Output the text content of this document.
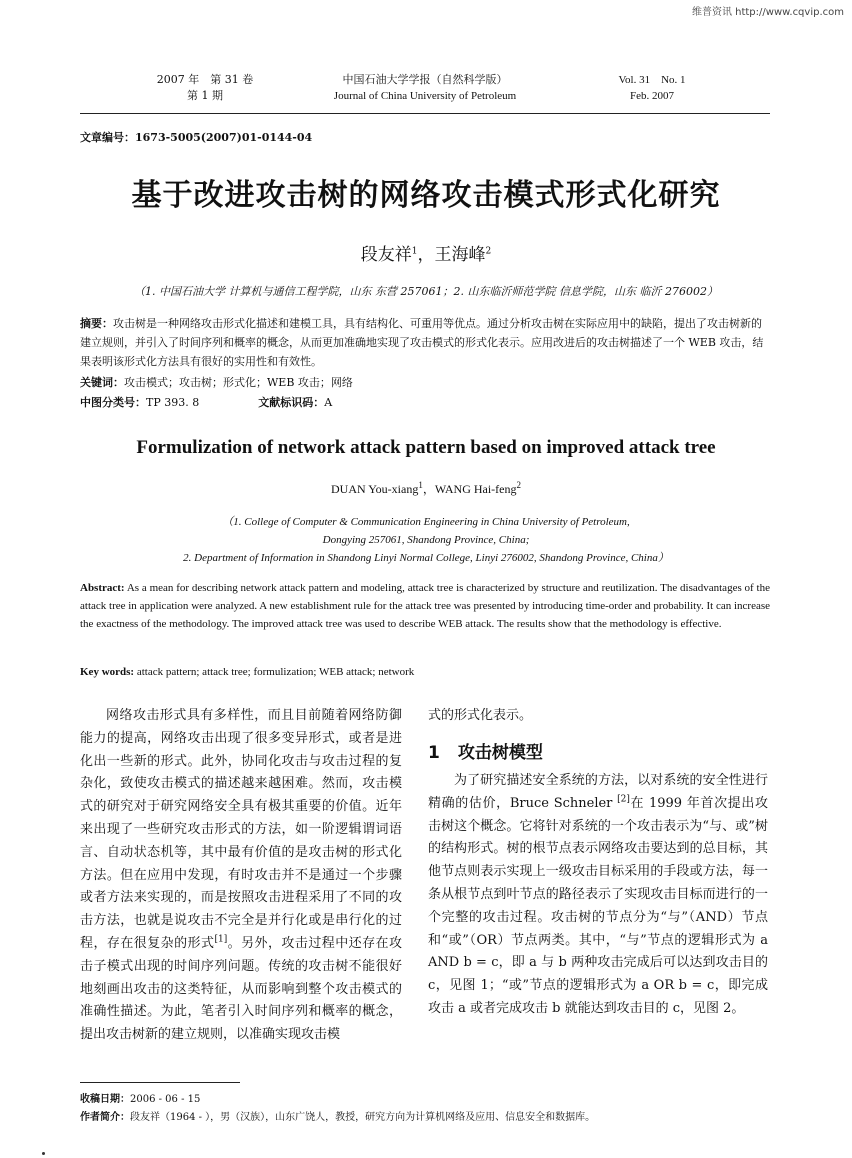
维普资讯 http://www.cqvip.com
2007 年　第 31 卷
第 1 期
中国石油大学学报（自然科学版）
Journal of China University of Petroleum
Vol. 31　No. 1
Feb. 2007
文章编号：1673-5005(2007)01-0144-04
基于改进攻击树的网络攻击模式形式化研究
段友祥$^1$，王海峰$^2$
（1. 中国石油大学 计算机与通信工程学院，山东 东营 257061；2. 山东临沂师范学院 信息学院，山东 临沂 276002）
摘要：攻击树是一种网络攻击形式化描述和建模工具，具有结构化、可重用等优点。通过分析攻击树在实际应用中的缺陷，提出了攻击树新的建立规则，并引入了时间序列和概率的概念，从而更加准确地实现了攻击模式的形式化表示。应用改进后的攻击树描述了一个 WEB 攻击，结果表明该形式化方法具有很好的实用性和有效性。
关键词：攻击模式；攻击树；形式化；WEB 攻击；网络
中图分类号：TP 393. 8	文献标识码：A
Formulization of network attack pattern based on improved attack tree
DUAN You-xiang$^1$，WANG Hai-feng$^2$
（1. College of Computer & Communication Engineering in China University of Petroleum,
Dongying 257061, Shandong Province, China;
2. Department of Information in Shandong Linyi Normal College, Linyi 276002, Shandong Province, China）
Abstract: As a mean for describing network attack pattern and modeling, attack tree is characterized by structure and reutilization. The disadvantages of the attack tree in application were analyzed. A new establishment rule for the attack tree was presented by introducing time-order and probability. It can increase the exactness of the methodology. The improved attack tree was used to describe WEB attack. The results show that the methodology is effective.
Key words: attack pattern; attack tree; formulization; WEB attack; network
网络攻击形式具有多样性，而且目前随着网络防御能力的提高，网络攻击出现了很多变异形式，或者是进化出一些新的形式。此外，协同化攻击与攻击过程的复杂化，致使攻击模式的描述越来越困难。然而，攻击模式的研究对于研究网络安全具有极其重要的价值。近年来出现了一些研究攻击形式的方法，如一阶逻辑谓词语言、自动状态机等，其中最有价值的是攻击树的形式化方法。但在应用中发现，有时攻击并不是通过一个步骤或者方法来实现的，而是按照攻击进程采用了不同的攻击方法，也就是说攻击不完全是并行化或是串行化的过程，存在很复杂的形式[1]。另外，攻击过程中还存在攻击子模式出现的时间序列问题。传统的攻击树不能很好地刻画出攻击的这类特征，从而影响到整个攻击模式的准确性描述。为此，笔者引入时间序列和概率的概念，提出攻击树新的建立规则，以准确实现攻击模
式的形式化表示。
1 攻击树模型
为了研究描述安全系统的方法，以对系统的安全性进行精确的估价，Bruce Schneler [2]在 1999 年首次提出攻击树这个概念。它将针对系统的一个攻击表示为“与、或”树的结构形式。树的根节点表示网络攻击要达到的总目标，其他节点则表示实现上一级攻击目标采用的手段或方法，每一条从根节点到叶节点的路径表示了实现攻击目标而进行的一个完整的攻击过程。攻击树的节点分为“与”（AND）节点和“或”（OR）节点两类。其中，“与”节点的逻辑形式为 a AND b = c，即 a 与 b 两种攻击完成后可以达到攻击目的 c，见图 1；“或”节点的逻辑形式为 a OR b = c，即完成攻击 a 或者完成攻击 b 就能达到攻击目的 c，见图 2。
收稿日期：2006 - 06 - 15
作者简介：段友祥（1964 - ），男（汉族），山东广饶人，教授，研究方向为计算机网络及应用、信息安全和数据库。
